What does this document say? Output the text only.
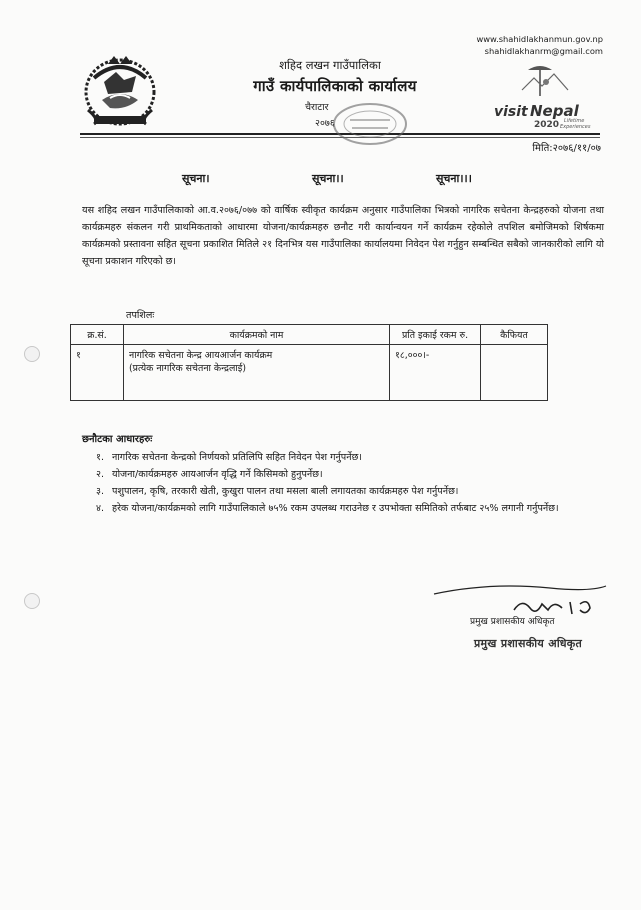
शहिद लखन गाउँपालिका
गाउँ कार्यपालिकाको कार्यालय
चैराटार
२०७६
www.shahidlakhanmun.gov.np
shahidlakhanrm@gmail.com
visit Nepal
2020 Lifetime
Experiences
मिति:२०७६/११/०७
सूचना।	सूचना।।	सूचना।।।
यस शहिद लखन गाउँपालिकाको आ.व.२०७६/०७७ को वार्षिक स्वीकृत कार्यक्रम अनुसार गाउँपालिका भित्रको नागरिक सचेतना केन्द्रहरुको योजना तथा कार्यक्रमहरु संकलन गरी प्राथमिकताको आधारमा योजना/कार्यक्रमहरु छनौट गरी कार्यान्वयन गर्ने कार्यक्रम रहेकोले तपशिल बमोजिमको शिर्षकमा कार्यक्रमको प्रस्तावना सहित सूचना प्रकाशित मितिले २१ दिनभित्र यस गाउँपालिका कार्यालयमा निवेदन पेश गर्नुहुन सम्बन्धित सबैको जानकारीको लागि यो सूचना प्रकाशन गरिएको छ।
तपशिलः
क्र.सं.	कार्यक्रमको नाम	प्रति इकाई रकम रु.	कैफियत
१	नागरिक सचेतना केन्द्र आयआर्जन कार्यक्रम
(प्रत्येक नागरिक सचेतना केन्द्रलाई)	१८,०००।-	
छनौटका आधारहरुः
१. नागरिक सचेतना केन्द्रको निर्णयको प्रतिलिपि सहित निवेदन पेश गर्नुपर्नेछ।
२. योजना/कार्यक्रमहरु आयआर्जन वृद्धि गर्ने किसिमको हुनुपर्नेछ।
३. पशुपालन, कृषि, तरकारी खेती, कुखुरा पालन तथा मसला बाली लगायतका कार्यक्रमहरु पेश गर्नुपर्नेछ।
४. हरेक योजना/कार्यक्रमको लागि गाउँपालिकाले ७५% रकम उपलब्ध गराउनेछ र उपभोक्ता समितिको तर्फबाट २५% लगानी गर्नुपर्नेछ।
प्रमुख प्रशासकीय अधिकृत
प्रमुख प्रशासकीय अधिकृत
